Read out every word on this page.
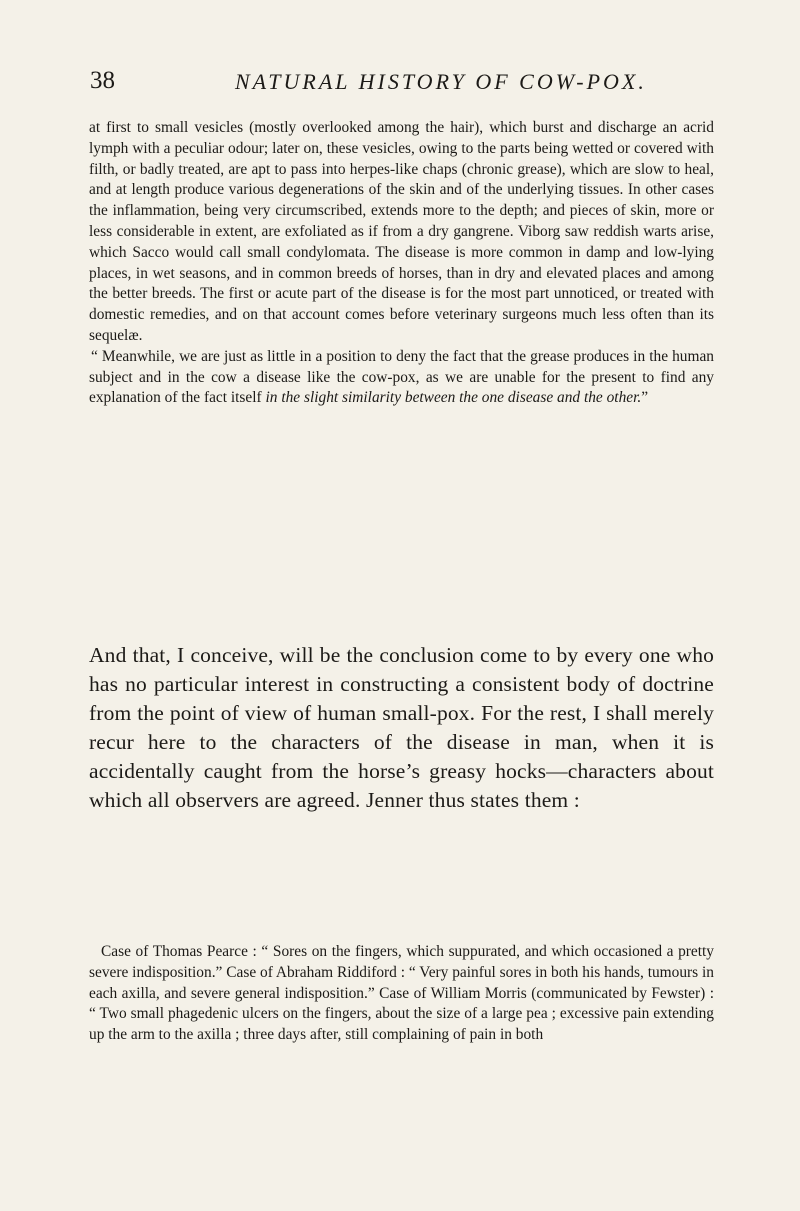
38	NATURAL HISTORY OF COW-POX.

at first to small vesicles (mostly overlooked among the hair), which burst and discharge an acrid lymph with a peculiar odour; later on, these vesicles, owing to the parts being wetted or covered with filth, or badly treated, are apt to pass into herpes-like chaps (chronic grease), which are slow to heal, and at length produce various degenerations of the skin and of the underlying tissues. In other cases the inflammation, being very circumscribed, extends more to the depth; and pieces of skin, more or less considerable in extent, are exfoliated as if from a dry gangrene. Viborg saw reddish warts arise, which Sacco would call small condylomata. The disease is more common in damp and low-lying places, in wet seasons, and in common breeds of horses, than in dry and elevated places and among the better breeds. The first or acute part of the disease is for the most part unnoticed, or treated with domestic remedies, and on that account comes before veterinary surgeons much less often than its sequelæ.

“ Meanwhile, we are just as little in a position to deny the fact that the grease produces in the human subject and in the cow a disease like the cow-pox, as we are unable for the present to find any explanation of the fact itself in the slight similarity between the one disease and the other.”

And that, I conceive, will be the conclusion come to by every one who has no particular interest in constructing a consistent body of doctrine from the point of view of human small-pox. For the rest, I shall merely recur here to the characters of the disease in man, when it is accidentally caught from the horse’s greasy hocks—characters about which all observers are agreed. Jenner thus states them :

Case of Thomas Pearce : “ Sores on the fingers, which suppurated, and which occasioned a pretty severe indisposition.” Case of Abraham Riddiford : “ Very painful sores in both his hands, tumours in each axilla, and severe general indisposition.” Case of William Morris (communicated by Fewster) : “ Two small phagedenic ulcers on the fingers, about the size of a large pea ; excessive pain extending up the arm to the axilla ; three days after, still complaining of pain in both
